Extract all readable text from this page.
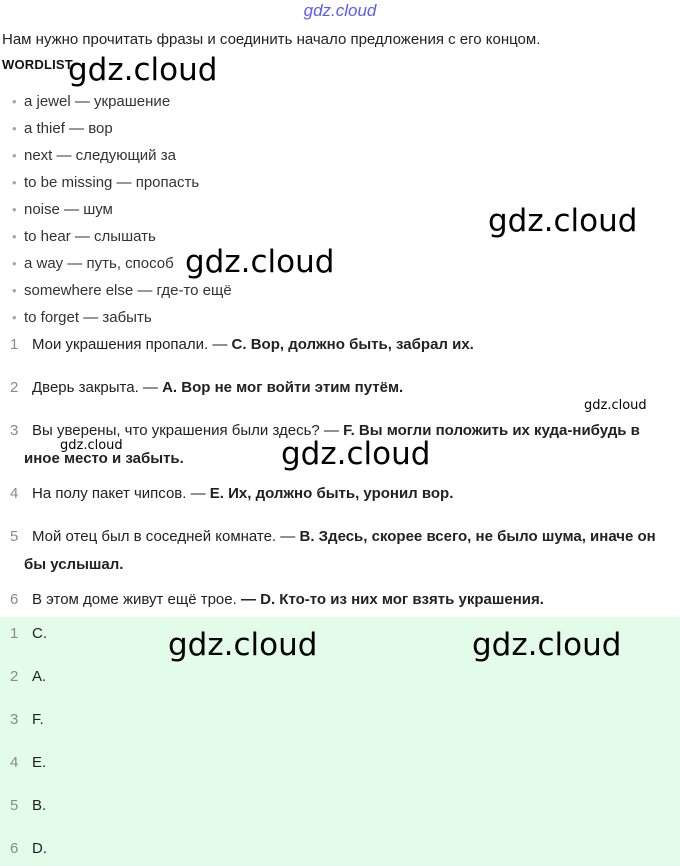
gdz.cloud
Нам нужно прочитать фразы и соединить начало предложения с его концом.
WORDLIST
• a jewel — украшение
• a thief — вор
• next — следующий за
• to be missing — пропасть
• noise — шум
• to hear — слышать
• a way — путь, способ
• somewhere else — где-то ещё
• to forget — забыть
1 Мои украшения пропали. — C. Вор, должно быть, забрал их.
2 Дверь закрыта. — A. Вор не мог войти этим путём.
3 Вы уверены, что украшения были здесь? — F. Вы могли положить их куда-нибудь в
иное место и забыть.
4 На полу пакет чипсов. — E. Их, должно быть, уронил вор.
5 Мой отец был в соседней комнате. — B. Здесь, скорее всего, не было шума, иначе он
бы услышал.
6 В этом доме живут ещё трое. — D. Кто-то из них мог взять украшения.
1 C.
2 A.
3 F.
4 E.
5 B.
6 D.
gdz.cloud
gdz.cloud
gdz.cloud
gdz.cloud
gdz.cloud	gdz.cloud
gdz.cloud	gdz.cloud
